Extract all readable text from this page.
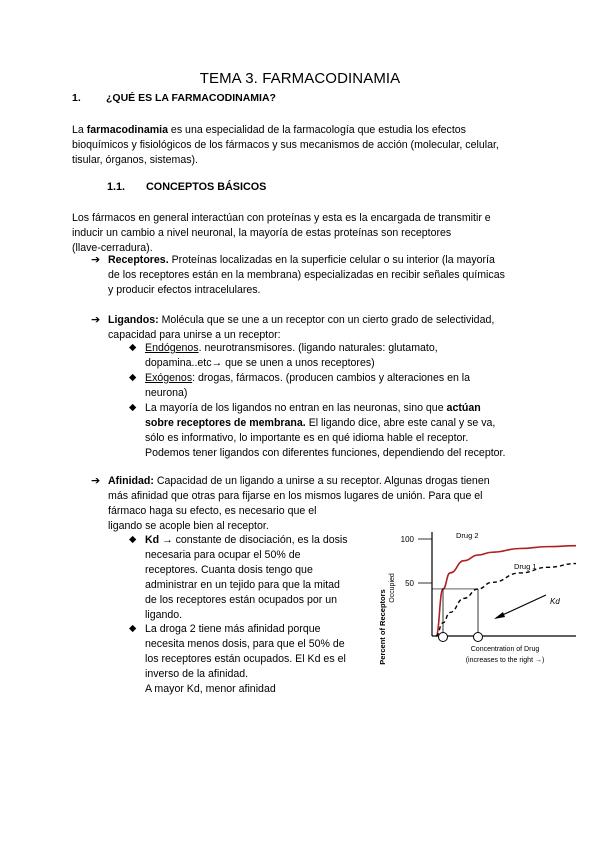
TEMA 3. FARMACODINAMIA
1. ¿QUÉ ES LA FARMACODINAMIA?
La farmacodinamia es una especialidad de la farmacología que estudia los efectos
bioquímicos y fisiológicos de los fármacos y sus mecanismos de acción (molecular, celular,
tisular, órganos, sistemas).
1.1. CONCEPTOS BÁSICOS
Los fármacos en general interactúan con proteínas y esta es la encargada de transmitir e
inducir un cambio a nivel neuronal, la mayoría de estas proteínas son receptores
(llave-cerradura).
➔ Receptores. Proteínas localizadas en la superficie celular o su interior (la mayoría
de los receptores están en la membrana) especializadas en recibir señales químicas
y producir efectos intracelulares.
➔ Ligandos: Molécula que se une a un receptor con un cierto grado de selectividad,
capacidad para unirse a un receptor:
◆ Endógenos. neurotransmisores. (ligando naturales: glutamato,
dopamina..etc→ que se unen a unos receptores)
◆ Exógenos: drogas, fármacos. (producen cambios y alteraciones en la
neurona)
◆ La mayoría de los ligandos no entran en las neuronas, sino que actúan
sobre receptores de membrana. El ligando dice, abre este canal y se va,
sólo es informativo, lo importante es en qué idioma hable el receptor.
Podemos tener ligandos con diferentes funciones, dependiendo del receptor.
➔ Afinidad: Capacidad de un ligando a unirse a su receptor. Algunas drogas tienen
más afinidad que otras para fijarse en los mismos lugares de unión. Para que el
fármaco haga su efecto, es necesario que el
ligando se acople bien al receptor.
◆ Kd → constante de disociación, es la dosis
necesaria para ocupar el 50% de
receptores. Cuanta dosis tengo que
administrar en un tejido para que la mitad
de los receptores están ocupados por un
ligando.
◆ La droga 2 tiene más afinidad porque
necesita menos dosis, para que el 50% de
los receptores están ocupados. El Kd es el
inverso de la afinidad.
A mayor Kd, menor afinidad
Percent of Receptors
Occupied
100
50
Drug 2
Drug 1
Kd
Concentration of Drug
(increases to the right →)
